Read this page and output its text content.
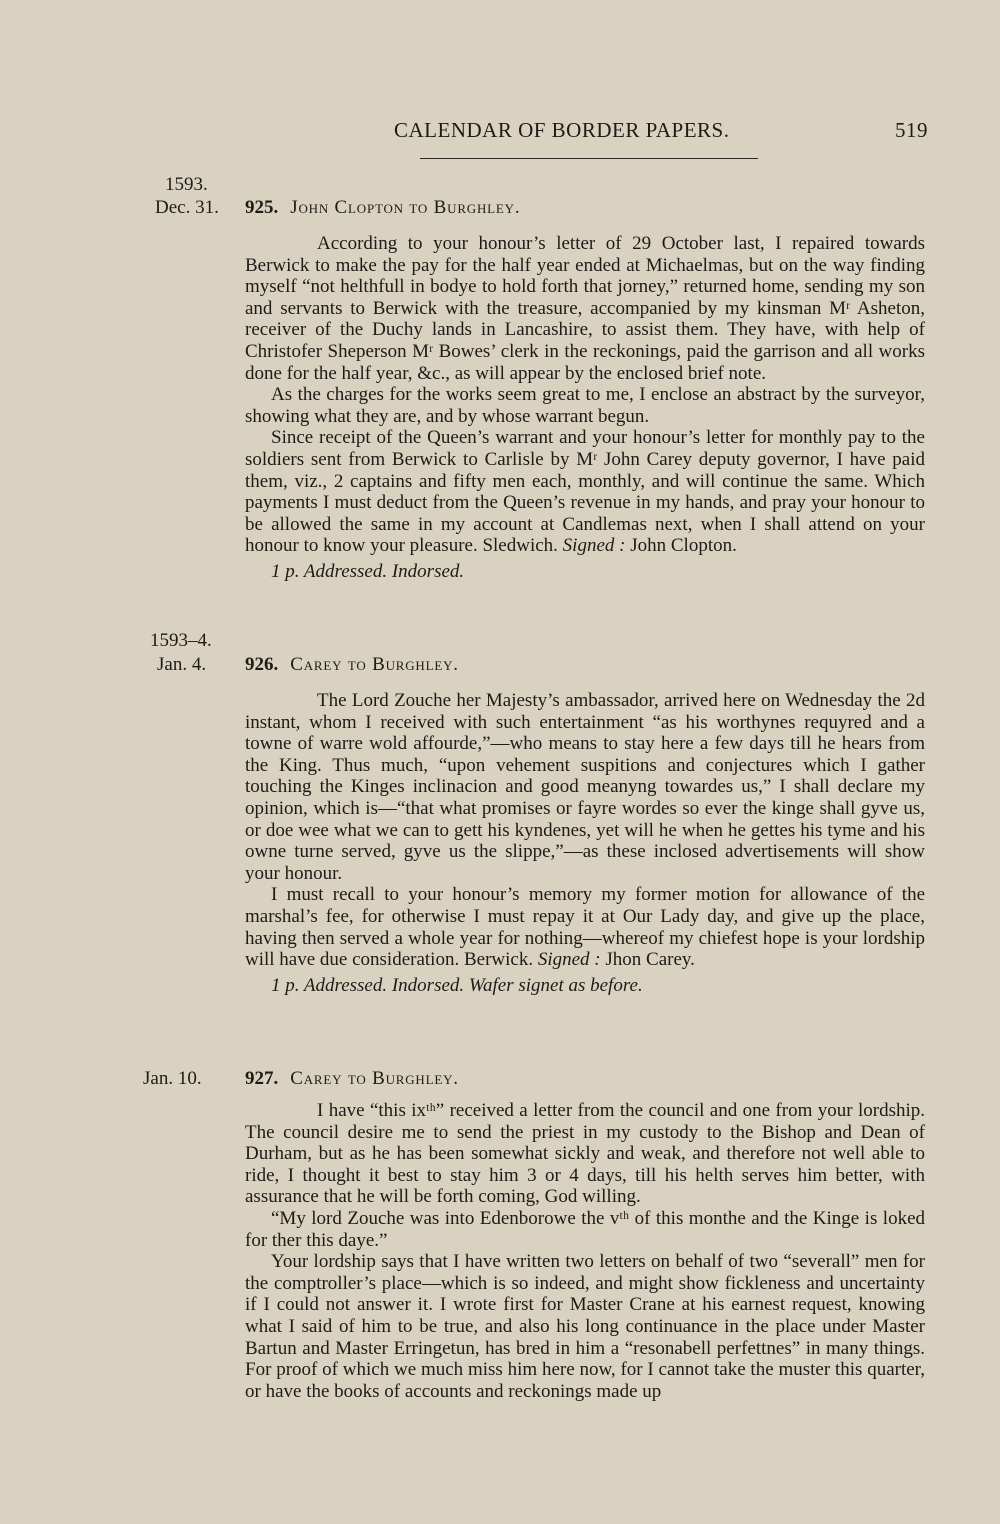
CALENDAR OF BORDER PAPERS.	519
1593.
Dec. 31. 925. John Clopton to Burghley.

According to your honour’s letter of 29 October last, I repaired towards Berwick to make the pay for the half year ended at Michaelmas, but on the way finding myself “not helthfull in bodye to hold forth that jorney,” returned home, sending my son and servants to Berwick with the treasure, accompanied by my kinsman Mʳ Asheton, receiver of the Duchy lands in Lancashire, to assist them. They have, with help of Christofer Sheperson Mʳ Bowes’ clerk in the reckonings, paid the garrison and all works done for the half year, &c., as will appear by the enclosed brief note.

As the charges for the works seem great to me, I enclose an abstract by the surveyor, showing what they are, and by whose warrant begun.

Since receipt of the Queen’s warrant and your honour’s letter for monthly pay to the soldiers sent from Berwick to Carlisle by Mʳ John Carey deputy governor, I have paid them, viz., 2 captains and fifty men each, monthly, and will continue the same. Which payments I must deduct from the Queen’s revenue in my hands, and pray your honour to be allowed the same in my account at Candlemas next, when I shall attend on your honour to know your pleasure. Sledwich. Signed : John Clopton.

1 p. Addressed. Indorsed.

1593–4.
Jan. 4. 926. Carey to Burghley.

The Lord Zouche her Majesty’s ambassador, arrived here on Wednesday the 2d instant, whom I received with such entertainment “as his worthynes requyred and a towne of warre wold affourde,”—who means to stay here a few days till he hears from the King. Thus much, “upon vehement suspitions and conjectures which I gather touching the Kinges inclinacion and good meanyng towardes us,” I shall declare my opinion, which is—“that what promises or fayre wordes so ever the kinge shall gyve us, or doe wee what we can to gett his kyndenes, yet will he when he gettes his tyme and his owne turne served, gyve us the slippe,”—as these inclosed advertisements will show your honour.

I must recall to your honour’s memory my former motion for allowance of the marshal’s fee, for otherwise I must repay it at Our Lady day, and give up the place, having then served a whole year for nothing—whereof my chiefest hope is your lordship will have due consideration. Berwick. Signed : Jhon Carey.

1 p. Addressed. Indorsed. Wafer signet as before.

Jan. 10. 927. Carey to Burghley.

I have “this ixᵗʰ” received a letter from the council and one from your lordship. The council desire me to send the priest in my custody to the Bishop and Dean of Durham, but as he has been somewhat sickly and weak, and therefore not well able to ride, I thought it best to stay him 3 or 4 days, till his helth serves him better, with assurance that he will be forth coming, God willing.

“My lord Zouche was into Edenborowe the vᵗʰ of this monthe and the Kinge is loked for ther this daye.”

Your lordship says that I have written two letters on behalf of two “severall” men for the comptroller’s place—which is so indeed, and might show fickleness and uncertainty if I could not answer it. I wrote first for Master Crane at his earnest request, knowing what I said of him to be true, and also his long continuance in the place under Master Bartun and Master Erringetun, has bred in him a “resonabell perfettnes” in many things. For proof of which we much miss him here now, for I cannot take the muster this quarter, or have the books of accounts and reckonings made up
